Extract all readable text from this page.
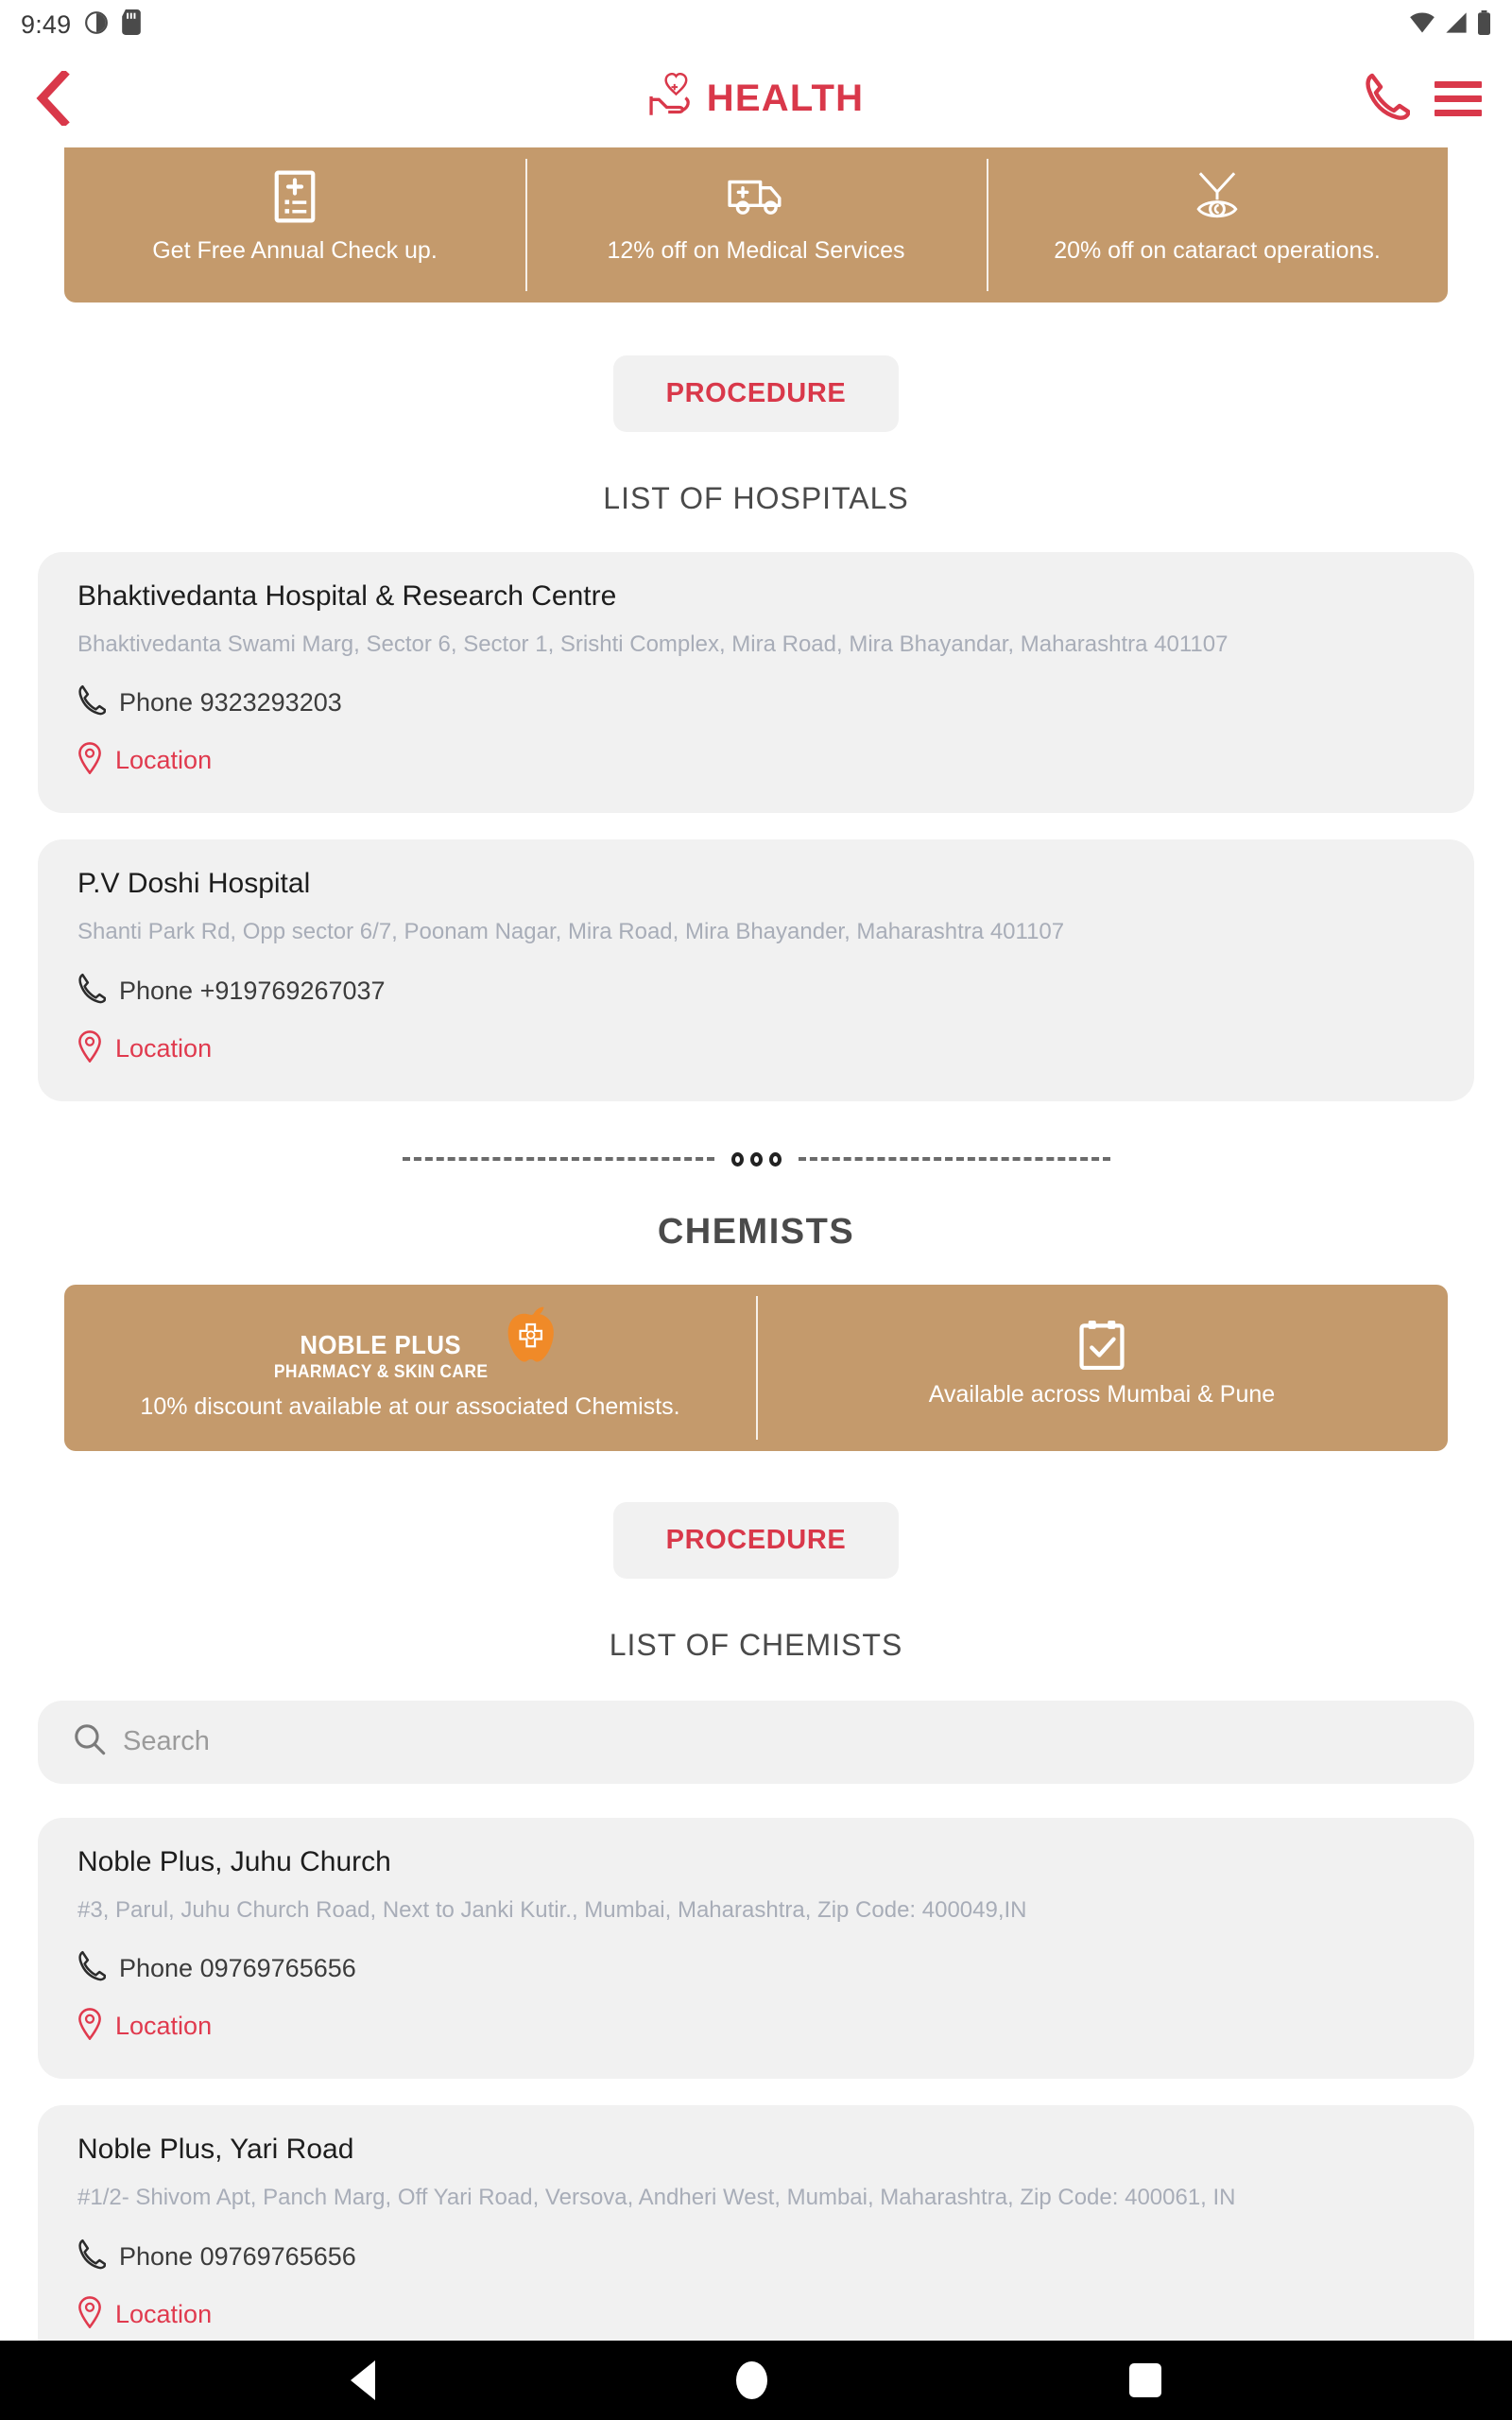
9:49
HEALTH
Get Free Annual Check up.	12% off on Medical Services	20% off on cataract operations.
PROCEDURE
LIST OF HOSPITALS
Bhaktivedanta Hospital & Research Centre
Bhaktivedanta Swami Marg, Sector 6, Sector 1, Srishti Complex, Mira Road, Mira Bhayandar, Maharashtra 401107
Phone 9323293203
Location
P.V Doshi Hospital
Shanti Park Rd, Opp sector 6/7, Poonam Nagar, Mira Road, Mira Bhayander, Maharashtra 401107
Phone +919769267037
Location
CHEMISTS
NOBLE PLUS
PHARMACY & SKIN CARE
10% discount available at our associated Chemists.	Available across Mumbai & Pune
PROCEDURE
LIST OF CHEMISTS
Search
Noble Plus, Juhu Church
#3, Parul, Juhu Church Road, Next to Janki Kutir., Mumbai, Maharashtra, Zip Code: 400049,IN
Phone 09769765656
Location
Noble Plus, Yari Road
#1/2- Shivom Apt, Panch Marg, Off Yari Road, Versova, Andheri West, Mumbai, Maharashtra, Zip Code: 400061, IN
Phone 09769765656
Location
